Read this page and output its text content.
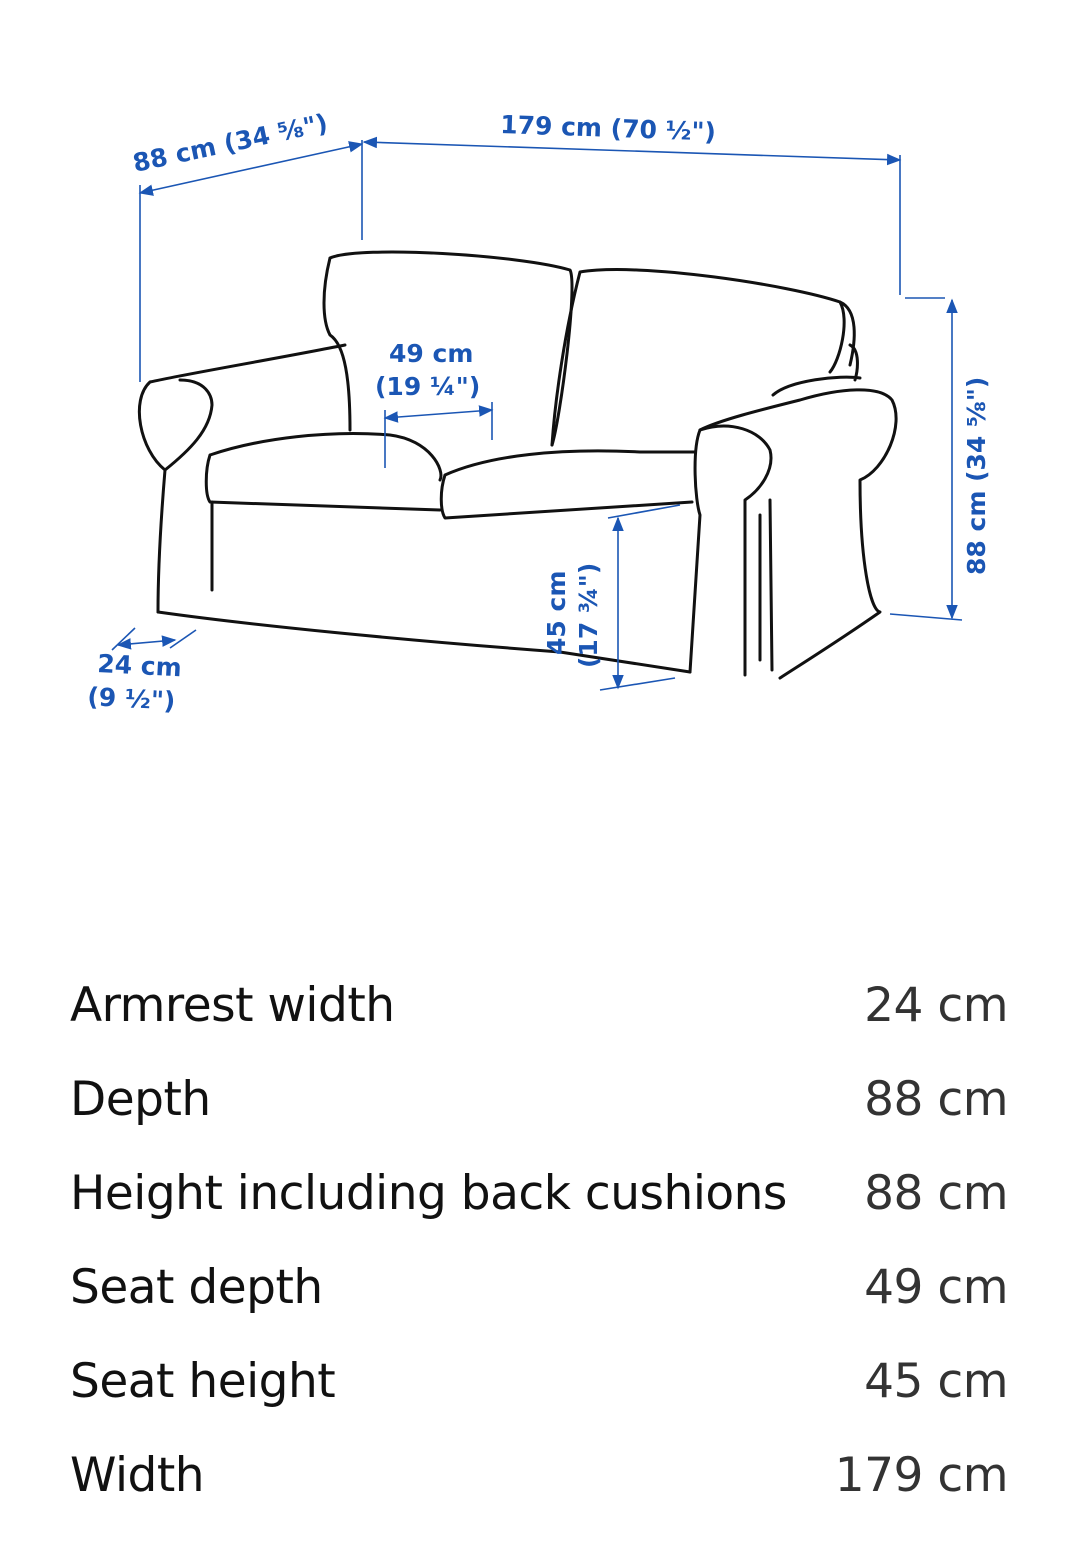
88 cm (34 ⅝")	179 cm (70 ½")
49 cm
(19 ¼")	88 cm (34 ⅝")
45 cm (17 ¾")
24 cm
(9 ½")
Armrest width	24 cm
Depth	88 cm
Height including back cushions 88 cm
Seat depth	49 cm
Seat height	45 cm
Width	179 cm
